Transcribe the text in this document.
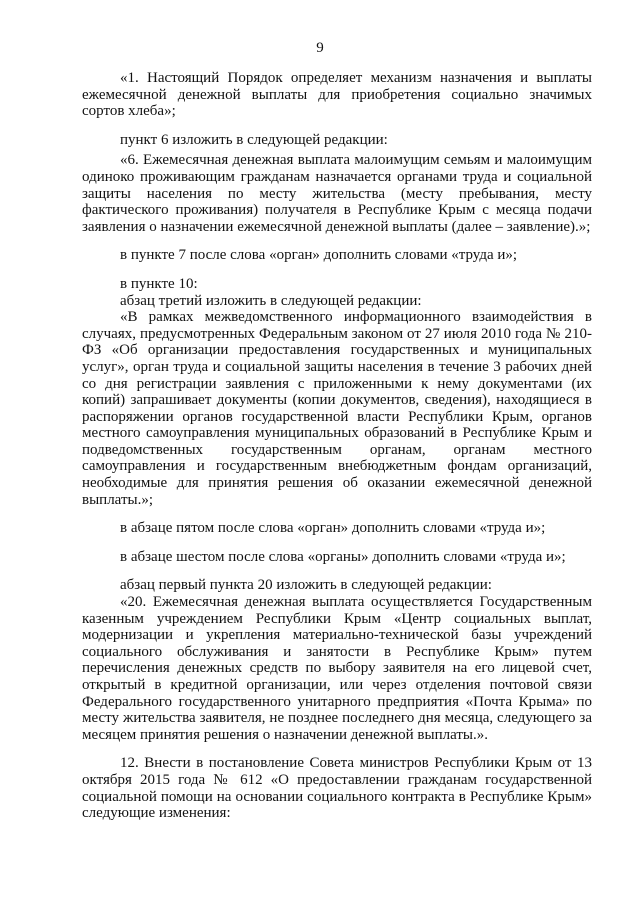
9

«1. Настоящий Порядок определяет механизм назначения и выплаты ежемесячной денежной выплаты для приобретения социально значимых сортов хлеба»;

пункт 6 изложить в следующей редакции:

«6. Ежемесячная денежная выплата малоимущим семьям и малоимущим одиноко проживающим гражданам назначается органами труда и социальной защиты населения по месту жительства (месту пребывания, месту фактического проживания) получателя в Республике Крым с месяца подачи заявления о назначении ежемесячной денежной выплаты (далее – заявление).»;

в пункте 7 после слова «орган» дополнить словами «труда и»;

в пункте 10:

абзац третий изложить в следующей редакции:

«В рамках межведомственного информационного взаимодействия в случаях, предусмотренных Федеральным законом от 27 июля 2010 года № 210-ФЗ «Об организации предоставления государственных и муниципальных услуг», орган труда и социальной защиты населения в течение 3 рабочих дней со дня регистрации заявления с приложенными к нему документами (их копий) запрашивает документы (копии документов, сведения), находящиеся в распоряжении органов государственной власти Республики Крым, органов местного самоуправления муниципальных образований в Республике Крым и подведомственных государственным органам, органам местного самоуправления и государственным внебюджетным фондам организаций, необходимые для принятия решения об оказании ежемесячной денежной выплаты.»;

в абзаце пятом после слова «орган» дополнить словами «труда и»;

в абзаце шестом после слова «органы» дополнить словами «труда и»;

абзац первый пункта 20 изложить в следующей редакции:

«20. Ежемесячная денежная выплата осуществляется Государственным казенным учреждением Республики Крым «Центр социальных выплат, модернизации и укрепления материально-технической базы учреждений социального обслуживания и занятости в Республике Крым» путем перечисления денежных средств по выбору заявителя на его лицевой счет, открытый в кредитной организации, или через отделения почтовой связи Федерального государственного унитарного предприятия «Почта Крыма» по месту жительства заявителя, не позднее последнего дня месяца, следующего за месяцем принятия решения о назначении денежной выплаты.».

12. Внести в постановление Совета министров Республики Крым от 13 октября 2015 года № 612 «О предоставлении гражданам государственной социальной помощи на основании социального контракта в Республике Крым» следующие изменения:
